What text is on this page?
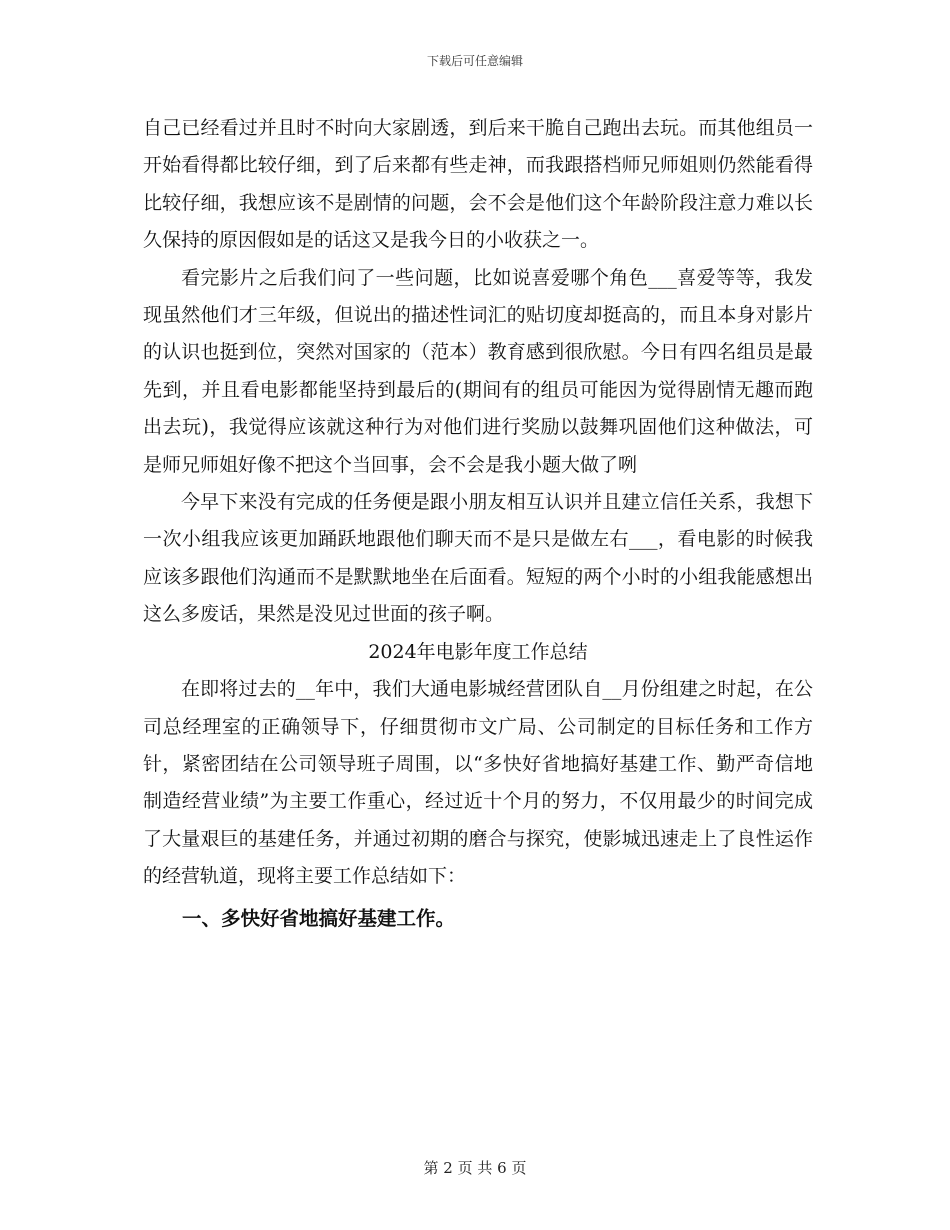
下载后可任意编辑

自己已经看过并且时不时向大家剧透，到后来干脆自己跑出去玩。而其他组员一开始看得都比较仔细，到了后来都有些走神，而我跟搭档师兄师姐则仍然能看得比较仔细，我想应该不是剧情的问题，会不会是他们这个年龄阶段注意力难以长久保持的原因假如是的话这又是我今日的小收获之一。

看完影片之后我们问了一些问题，比如说喜爱哪个角色___喜爱等等，我发现虽然他们才三年级，但说出的描述性词汇的贴切度却挺高的，而且本身对影片的认识也挺到位，突然对国家的（范本）教育感到很欣慰。今日有四名组员是最先到，并且看电影都能坚持到最后的(期间有的组员可能因为觉得剧情无趣而跑出去玩)，我觉得应该就这种行为对他们进行奖励以鼓舞巩固他们这种做法，可是师兄师姐好像不把这个当回事，会不会是我小题大做了咧

今早下来没有完成的任务便是跟小朋友相互认识并且建立信任关系，我想下一次小组我应该更加踊跃地跟他们聊天而不是只是做左右___，看电影的时候我应该多跟他们沟通而不是默默地坐在后面看。短短的两个小时的小组我能感想出这么多废话，果然是没见过世面的孩子啊。

2024年电影年度工作总结

在即将过去的__年中，我们大通电影城经营团队自__月份组建之时起，在公司总经理室的正确领导下，仔细贯彻市文广局、公司制定的目标任务和工作方针，紧密团结在公司领导班子周围，以“多快好省地搞好基建工作、勤严奇信地制造经营业绩”为主要工作重心，经过近十个月的努力，不仅用最少的时间完成了大量艰巨的基建任务，并通过初期的磨合与探究，使影城迅速走上了良性运作的经营轨道，现将主要工作总结如下：

一、多快好省地搞好基建工作。
第 2 页 共 6 页
